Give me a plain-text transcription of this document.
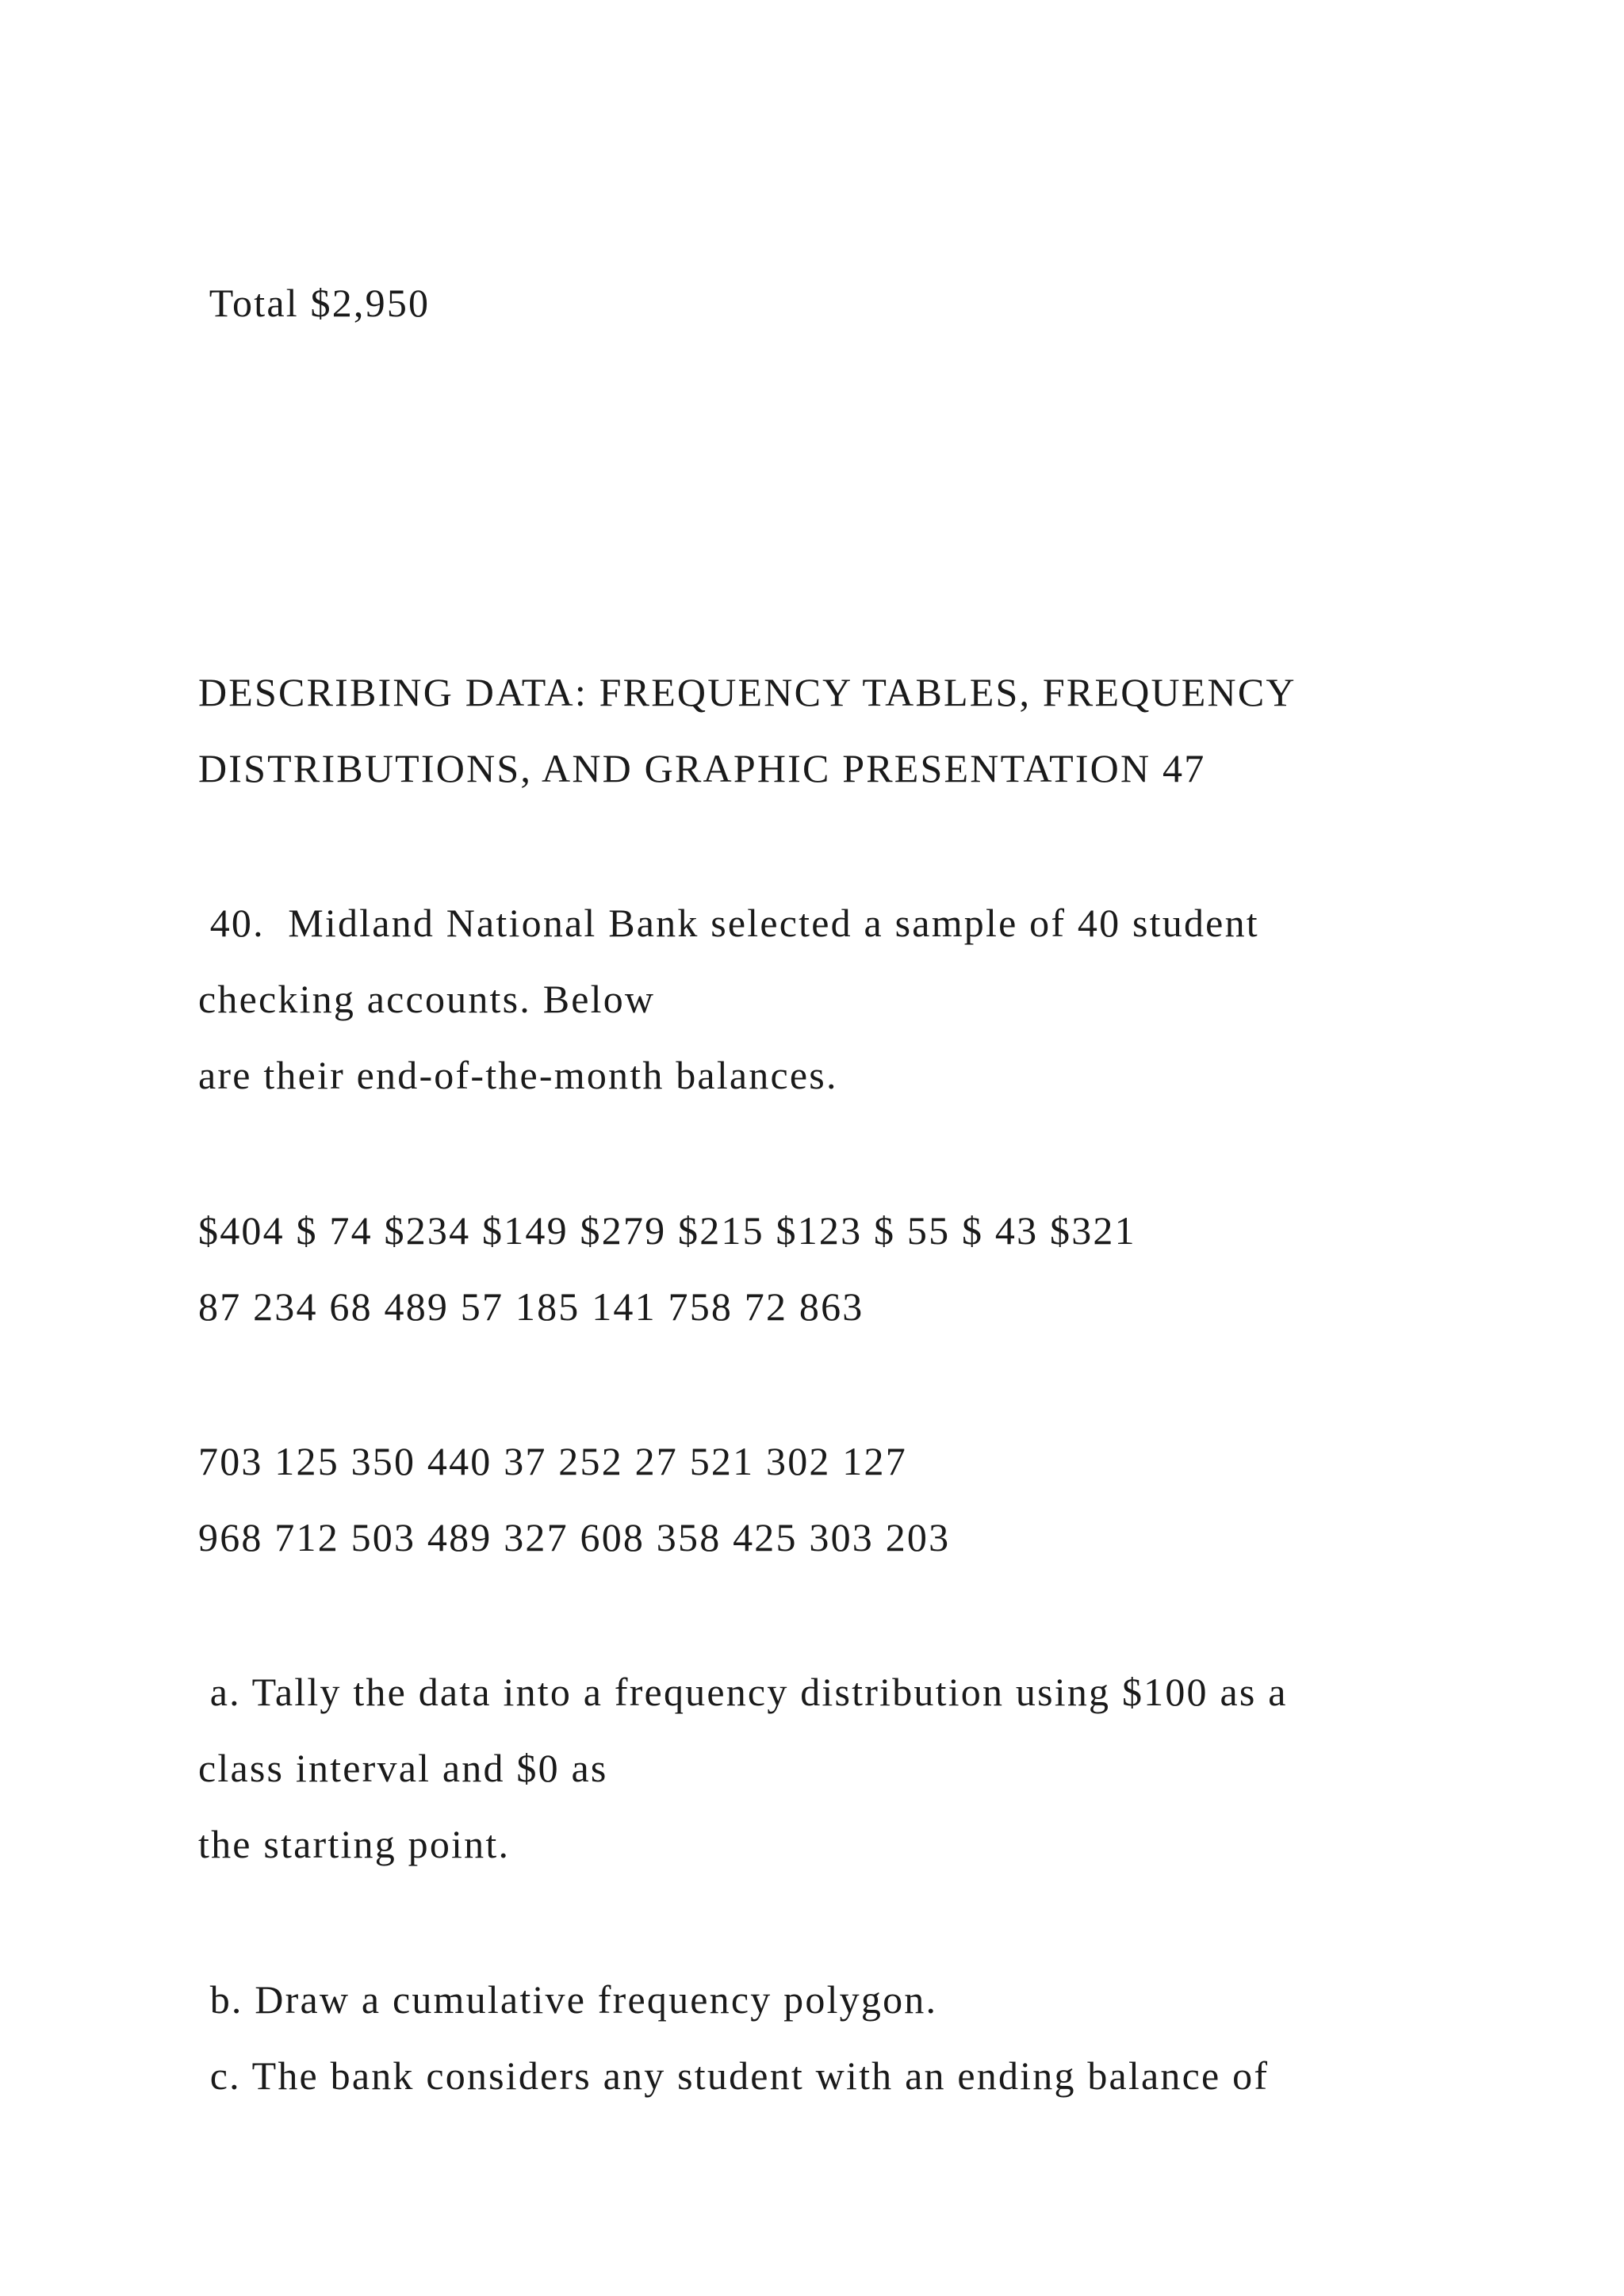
Total $2,950
DESCRIBING DATA: FREQUENCY TABLES, FREQUENCY
DISTRIBUTIONS, AND GRAPHIC PRESENTATION 47
40.  Midland National Bank selected a sample of 40 student
checking accounts. Below
are their end-of-the-month balances.
$404 $ 74 $234 $149 $279 $215 $123 $ 55 $ 43 $321
87 234 68 489 57 185 141 758 72 863
703 125 350 440 37 252 27 521 302 127
968 712 503 489 327 608 358 425 303 203
a. Tally the data into a frequency distribution using $100 as a
class interval and $0 as
the starting point.
b. Draw a cumulative frequency polygon.
c. The bank considers any student with an ending balance of
